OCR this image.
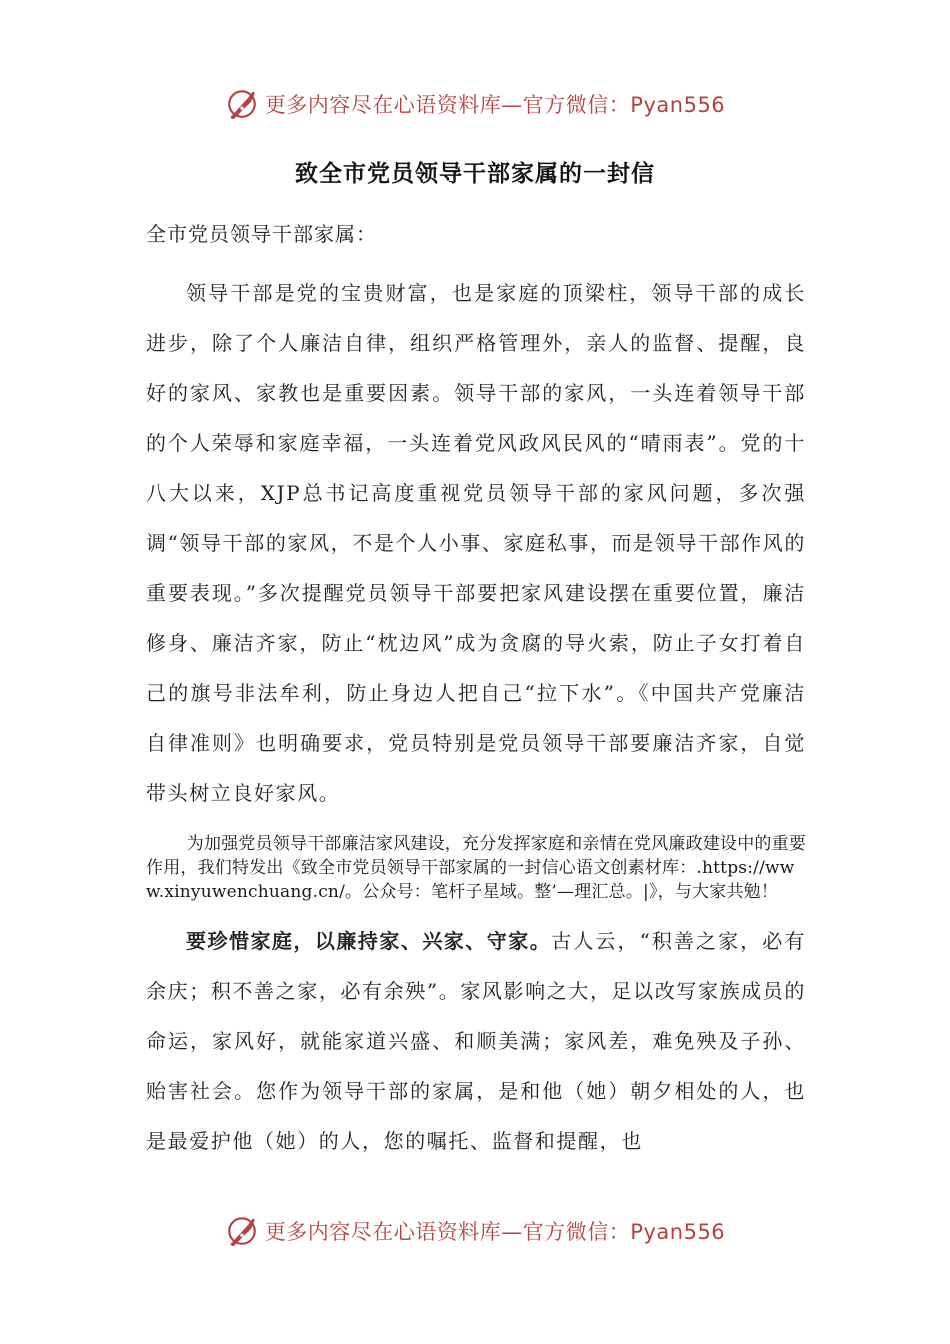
更多内容尽在心语资料库—官方微信：Pyan556
致全市党员领导干部家属的一封信

全市党员领导干部家属：

领导干部是党的宝贵财富，也是家庭的顶梁柱，领导干部的成长进步，除了个人廉洁自律，组织严格管理外，亲人的监督、提醒，良好的家风、家教也是重要因素。领导干部的家风，一头连着领导干部的个人荣辱和家庭幸福，一头连着党风政风民风的“晴雨表”。党的十八大以来，XJP总书记高度重视党员领导干部的家风问题，多次强调“领导干部的家风，不是个人小事、家庭私事，而是领导干部作风的重要表现。”多次提醒党员领导干部要把家风建设摆在重要位置，廉洁修身、廉洁齐家，防止“枕边风”成为贪腐的导火索，防止子女打着自己的旗号非法牟利，防止身边人把自己“拉下水”。《中国共产党廉洁自律准则》也明确要求，党员特别是党员领导干部要廉洁齐家，自觉带头树立良好家风。

为加强党员领导干部廉洁家风建设，充分发挥家庭和亲情在党风廉政建设中的重要作用，我们特发出《致全市党员领导干部家属的一封信心语文创素材库：.https://www.xinyuwenchuang.cn/。公众号：笔杆子星域。整’—理汇总。|》，与大家共勉！

要珍惜家庭，以廉持家、兴家、守家。古人云，“积善之家，必有余庆；积不善之家，必有余殃”。家风影响之大，足以改写家族成员的命运，家风好，就能家道兴盛、和顺美满；家风差，难免殃及子孙、贻害社会。您作为领导干部的家属，是和他（她）朝夕相处的人，也是最爱护他（她）的人，您的嘱托、监督和提醒，也

更多内容尽在心语资料库—官方微信：Pyan556
